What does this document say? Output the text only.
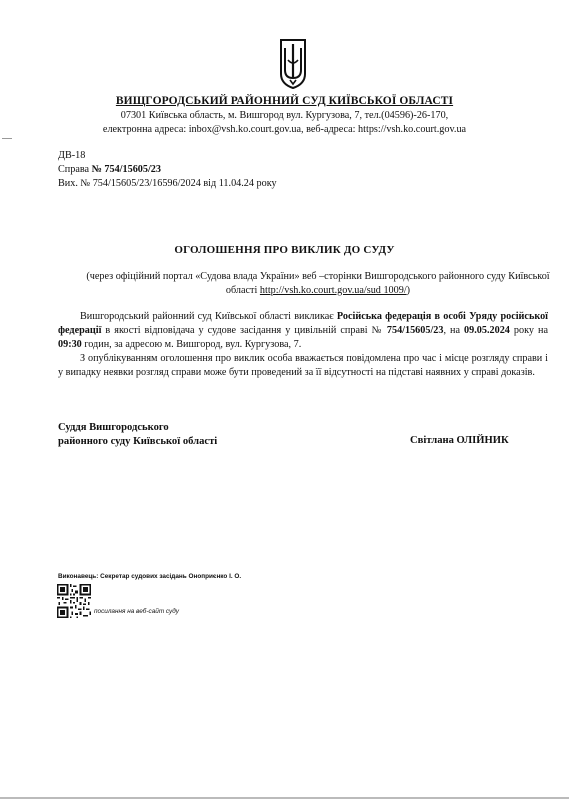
ВИЩГОРОДСЬКИЙ РАЙОННИЙ СУД КИЇВСЬКОЇ ОБЛАСТІ
07301 Київська область, м. Вишгород вул. Кургузова, 7, тел.(04596)-26-170,
електронна адреса: inbox@vsh.ko.court.gov.ua, веб-адреса: https://vsh.ko.court.gov.ua
ДВ-18
Справа № 754/15605/23
Вих. № 754/15605/23/16596/2024 від 11.04.24 року
ОГОЛОШЕННЯ ПРО ВИКЛИК ДО СУДУ
(через офіційний портал «Судова влада України» веб –сторінки Вишгородського районного суду Київської області http://vsh.ko.court.gov.ua/sud 1009/)
Вишгородський районний суд Київської області викликає Російська федерація в особі Уряду російської федерації в якості відповідача у судове засідання у цивільній справі № 754/15605/23, на 09.05.2024 року на 09:30 годин, за адресою м. Вишгород, вул. Кургузова, 7.
З опублікуванням оголошення про виклик особа вважається повідомлена про час і місце розгляду справи і у випадку неявки розгляд справи може бути проведений за її відсутності на підставі наявних у справі доказів.
Суддя Вишгородського
районного суду Київської області	Світлана ОЛІЙНИК
Виконавець: Секретар судових засідань Оноприєнко І. О.
посилання на веб-сайт суду
